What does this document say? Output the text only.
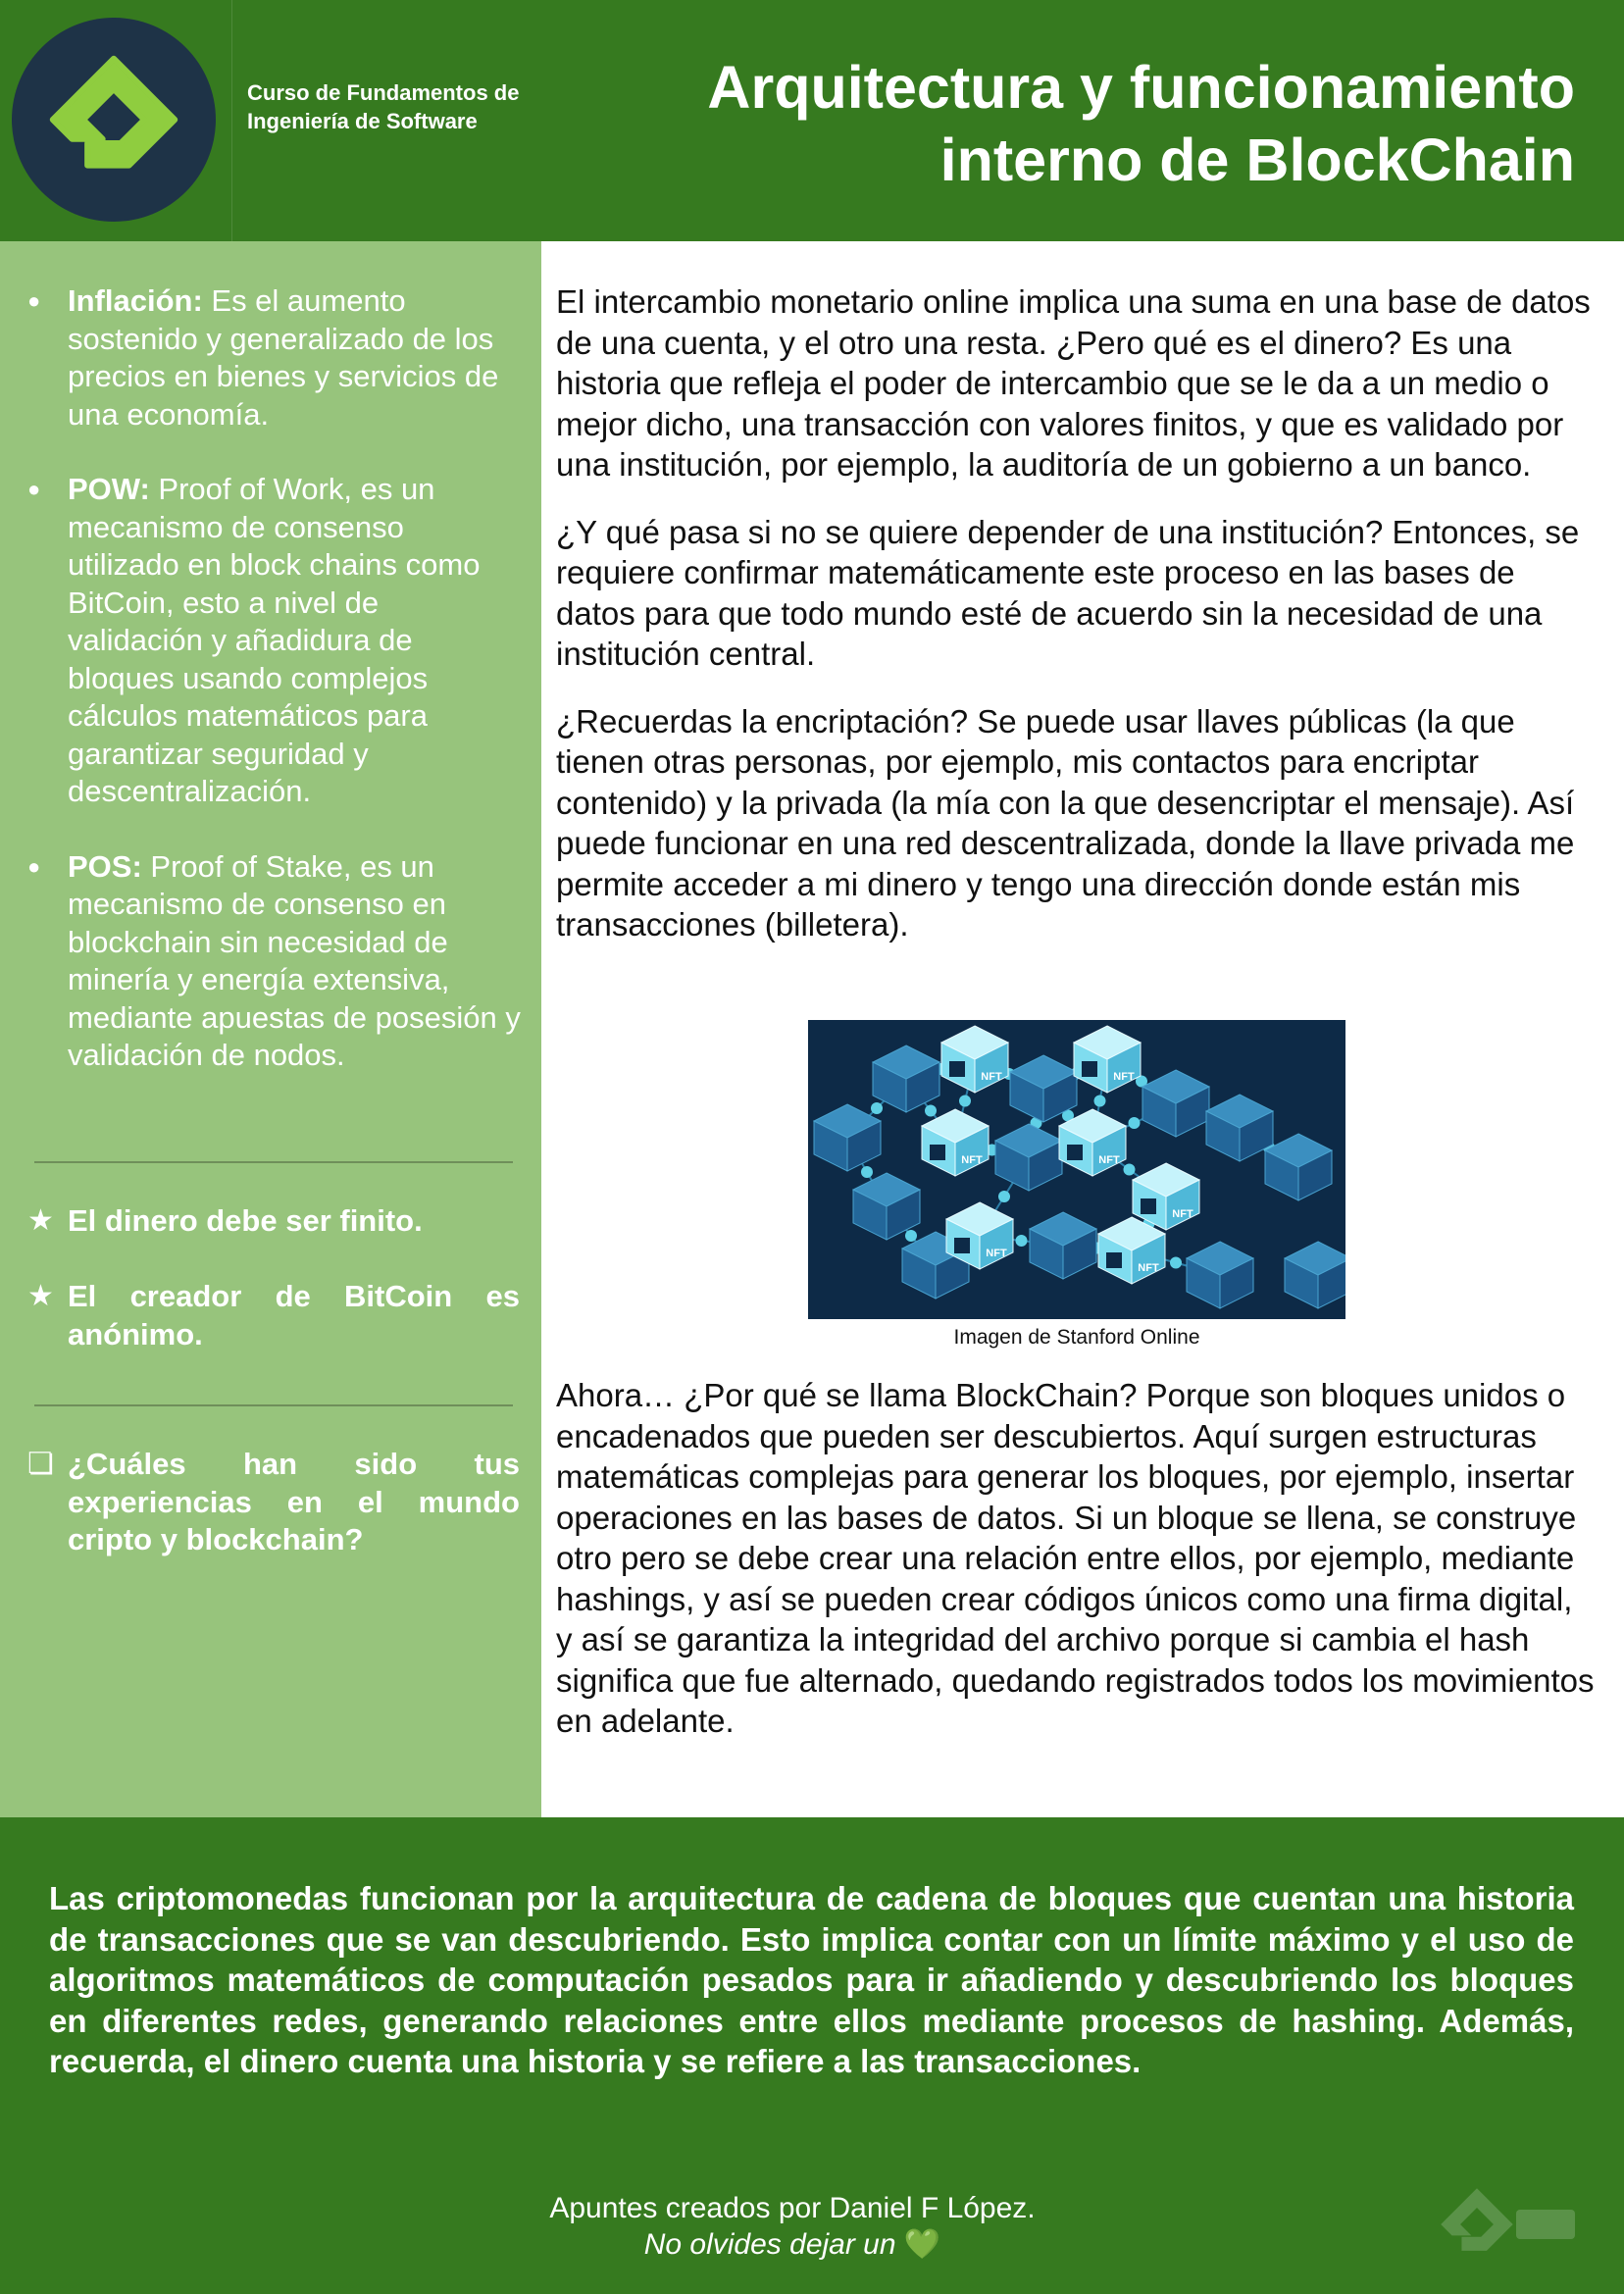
Curso de Fundamentos de Ingeniería de Software
Arquitectura y funcionamiento
interno de BlockChain
● Inflación: Es el aumento sostenido y generalizado de los precios en bienes y servicios de una economía.
● POW: Proof of Work, es un mecanismo de consenso utilizado en block chains como BitCoin, esto a nivel de validación y añadidura de bloques usando complejos cálculos matemáticos para garantizar seguridad y descentralización.
● POS: Proof of Stake, es un mecanismo de consenso en blockchain sin necesidad de minería y energía extensiva, mediante apuestas de posesión y validación de nodos.
★ El dinero debe ser finito.
★ El creador de BitCoin es anónimo.
❏ ¿Cuáles han sido tus experiencias en el mundo cripto y blockchain?

El intercambio monetario online implica una suma en una base de datos de una cuenta, y el otro una resta. ¿Pero qué es el dinero? Es una historia que refleja el poder de intercambio que se le da a un medio o mejor dicho, una transacción con valores finitos, y que es validado por una institución, por ejemplo, la auditoría de un gobierno a un banco.

¿Y qué pasa si no se quiere depender de una institución? Entonces, se requiere confirmar matemáticamente este proceso en las bases de datos para que todo mundo esté de acuerdo sin la necesidad de una institución central.

¿Recuerdas la encriptación? Se puede usar llaves públicas (la que tienen otras personas, por ejemplo, mis contactos para encriptar contenido) y la privada (la mía con la que desencriptar el mensaje). Así puede funcionar en una red descentralizada, donde la llave privada me permite acceder a mi dinero y tengo una dirección donde están mis transacciones (billetera).

NFT	NFT
NFT	NFT
NFT
NFT
NFT
Imagen de Stanford Online

Ahora… ¿Por qué se llama BlockChain? Porque son bloques unidos o encadenados que pueden ser descubiertos. Aquí surgen estructuras matemáticas complejas para generar los bloques, por ejemplo, insertar operaciones en las bases de datos. Si un bloque se llena, se construye otro pero se debe crear una relación entre ellos, por ejemplo, mediante hashings, y así se pueden crear códigos únicos como una firma digital, y así se garantiza la integridad del archivo porque si cambia el hash significa que fue alternado, quedando registrados todos los movimientos en adelante.

Las criptomonedas funcionan por la arquitectura de cadena de bloques que cuentan una historia de transacciones que se van descubriendo. Esto implica contar con un límite máximo y el uso de algoritmos matemáticos de computación pesados para ir añadiendo y descubriendo los bloques en diferentes redes, generando relaciones entre ellos mediante procesos de hashing. Además, recuerda, el dinero cuenta una historia y se refiere a las transacciones.
Apuntes creados por Daniel F López.
No olvides dejar un 💚
